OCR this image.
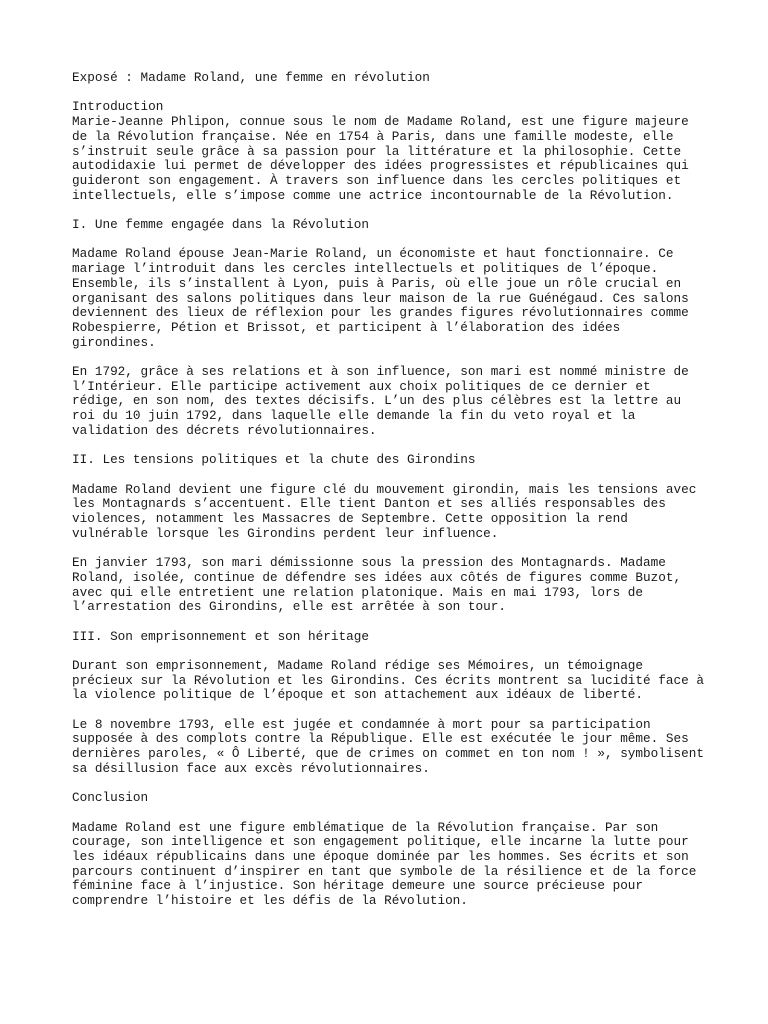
Exposé : Madame Roland, une femme en révolution

Introduction

Marie-Jeanne Phlipon, connue sous le nom de Madame Roland, est une figure majeure
de la Révolution française. Née en 1754 à Paris, dans une famille modeste, elle
s’instruit seule grâce à sa passion pour la littérature et la philosophie. Cette
autodidaxie lui permet de développer des idées progressistes et républicaines qui
guideront son engagement. À travers son influence dans les cercles politiques et
intellectuels, elle s’impose comme une actrice incontournable de la Révolution.

I. Une femme engagée dans la Révolution

Madame Roland épouse Jean-Marie Roland, un économiste et haut fonctionnaire. Ce
mariage l’introduit dans les cercles intellectuels et politiques de l’époque.
Ensemble, ils s’installent à Lyon, puis à Paris, où elle joue un rôle crucial en
organisant des salons politiques dans leur maison de la rue Guénégaud. Ces salons
deviennent des lieux de réflexion pour les grandes figures révolutionnaires comme
Robespierre, Pétion et Brissot, et participent à l’élaboration des idées
girondines.

En 1792, grâce à ses relations et à son influence, son mari est nommé ministre de
l’Intérieur. Elle participe activement aux choix politiques de ce dernier et
rédige, en son nom, des textes décisifs. L’un des plus célèbres est la lettre au
roi du 10 juin 1792, dans laquelle elle demande la fin du veto royal et la
validation des décrets révolutionnaires.

II. Les tensions politiques et la chute des Girondins

Madame Roland devient une figure clé du mouvement girondin, mais les tensions avec
les Montagnards s’accentuent. Elle tient Danton et ses alliés responsables des
violences, notamment les Massacres de Septembre. Cette opposition la rend
vulnérable lorsque les Girondins perdent leur influence.

En janvier 1793, son mari démissionne sous la pression des Montagnards. Madame
Roland, isolée, continue de défendre ses idées aux côtés de figures comme Buzot,
avec qui elle entretient une relation platonique. Mais en mai 1793, lors de
l’arrestation des Girondins, elle est arrêtée à son tour.

III. Son emprisonnement et son héritage

Durant son emprisonnement, Madame Roland rédige ses Mémoires, un témoignage
précieux sur la Révolution et les Girondins. Ces écrits montrent sa lucidité face à
la violence politique de l’époque et son attachement aux idéaux de liberté.

Le 8 novembre 1793, elle est jugée et condamnée à mort pour sa participation
supposée à des complots contre la République. Elle est exécutée le jour même. Ses
dernières paroles, « Ô Liberté, que de crimes on commet en ton nom ! », symbolisent
sa désillusion face aux excès révolutionnaires.

Conclusion

Madame Roland est une figure emblématique de la Révolution française. Par son
courage, son intelligence et son engagement politique, elle incarne la lutte pour
les idéaux républicains dans une époque dominée par les hommes. Ses écrits et son
parcours continuent d’inspirer en tant que symbole de la résilience et de la force
féminine face à l’injustice. Son héritage demeure une source précieuse pour
comprendre l’histoire et les défis de la Révolution.
